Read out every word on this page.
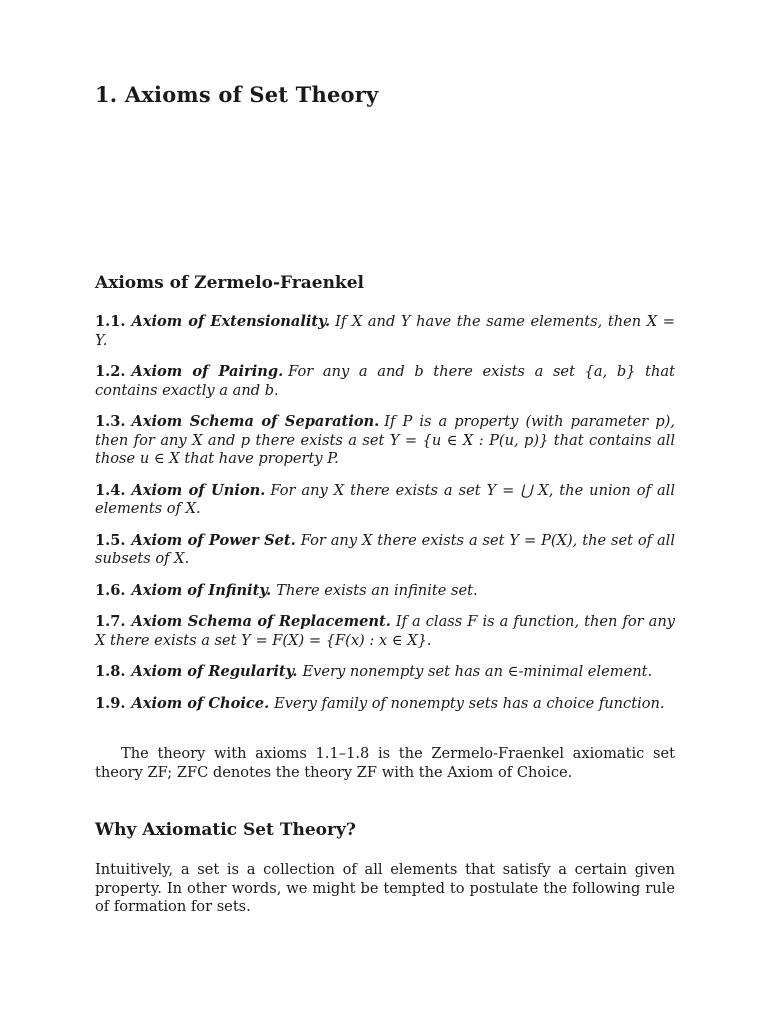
1. Axioms of Set Theory
Axioms of Zermelo-Fraenkel

1.1. Axiom of Extensionality. If X and Y have the same elements, then X = Y.

1.2. Axiom of Pairing. For any a and b there exists a set {a, b} that contains exactly a and b.

1.3. Axiom Schema of Separation. If P is a property (with parameter p), then for any X and p there exists a set Y = {u ∈ X : P(u, p)} that contains all those u ∈ X that have property P.

1.4. Axiom of Union. For any X there exists a set Y = ⋃ X, the union of all elements of X.

1.5. Axiom of Power Set. For any X there exists a set Y = P(X), the set of all subsets of X.

1.6. Axiom of Infinity. There exists an infinite set.

1.7. Axiom Schema of Replacement. If a class F is a function, then for any X there exists a set Y = F(X) = {F(x) : x ∈ X}.

1.8. Axiom of Regularity. Every nonempty set has an ∈-minimal element.

1.9. Axiom of Choice. Every family of nonempty sets has a choice function.

The theory with axioms 1.1–1.8 is the Zermelo-Fraenkel axiomatic set theory ZF; ZFC denotes the theory ZF with the Axiom of Choice.

Why Axiomatic Set Theory?

Intuitively, a set is a collection of all elements that satisfy a certain given property. In other words, we might be tempted to postulate the following rule of formation for sets.
